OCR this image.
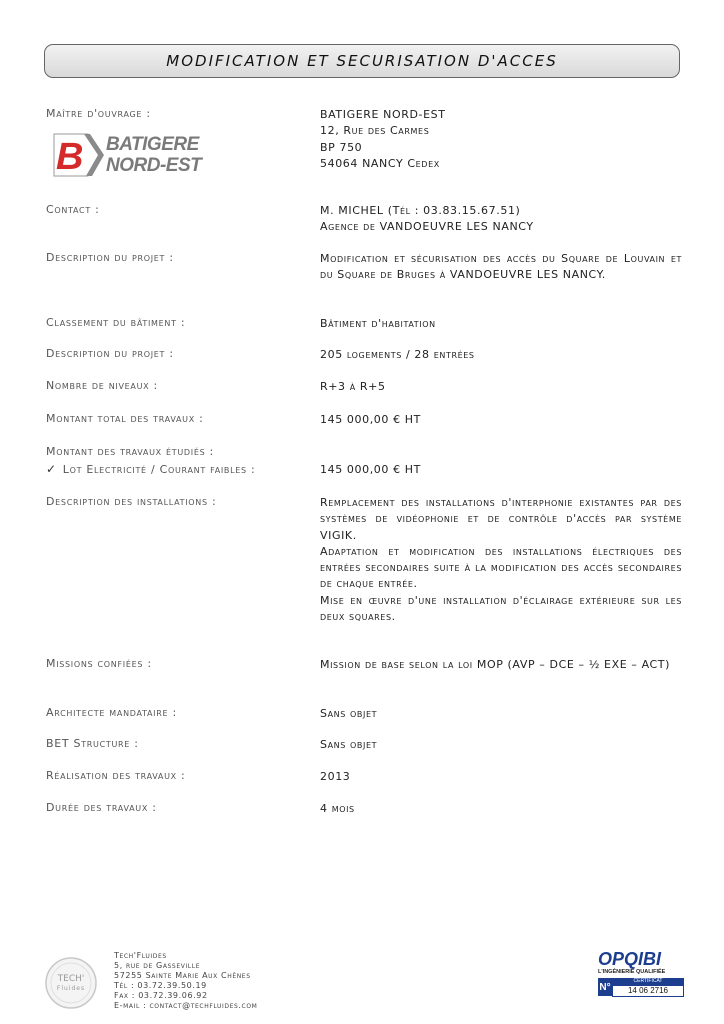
MODIFICATION ET SECURISATION D'ACCES
Maître d'ouvrage :	BATIGERE NORD-EST
12, Rue des Carmes
BP 750
54064 NANCY Cedex
B BATIGERE
NORD-EST
Contact :	M. MICHEL (Tél : 03.83.15.67.51)
Agence de VANDOEUVRE LES NANCY
Description du projet :	Modification et sécurisation des accès du Square de Louvain et du Square de Bruges à VANDOEUVRE LES NANCY.
Classement du bâtiment :	Bâtiment d'habitation
Description du projet :	205 logements / 28 entrées
Nombre de niveaux :	R+3 à R+5
Montant total des travaux :	145 000,00 € HT
Montant des travaux étudiés :
✓ Lot Electricité / Courant faibles :	145 000,00 € HT
Description des installations :	Remplacement des installations d'interphonie existantes par des systèmes de vidéophonie et de contrôle d'accès par système VIGIK.
Adaptation et modification des installations électriques des entrées secondaires suite à la modification des accès secondaires de chaque entrée.
Mise en œuvre d'une installation d'éclairage extérieure sur les deux squares.
Missions confiées :	Mission de base selon la loi MOP (AVP – DCE – ½ EXE – ACT)
Architecte mandataire :	Sans objet
BET Structure :	Sans objet
Réalisation des travaux :	2013
Durée des travaux :	4 mois
TECH'
Fluides
Tech'Fluides
5, rue de Gasseville
57255 Sainte Marie Aux Chênes
Tél : 03.72.39.50.19
Fax : 03.72.39.06.92
E-mail : contact@techfluides.com
OPQIBI
L'INGÉNIERIE QUALIFIÉE
N°
CERTIFICAT
14 06 2716
